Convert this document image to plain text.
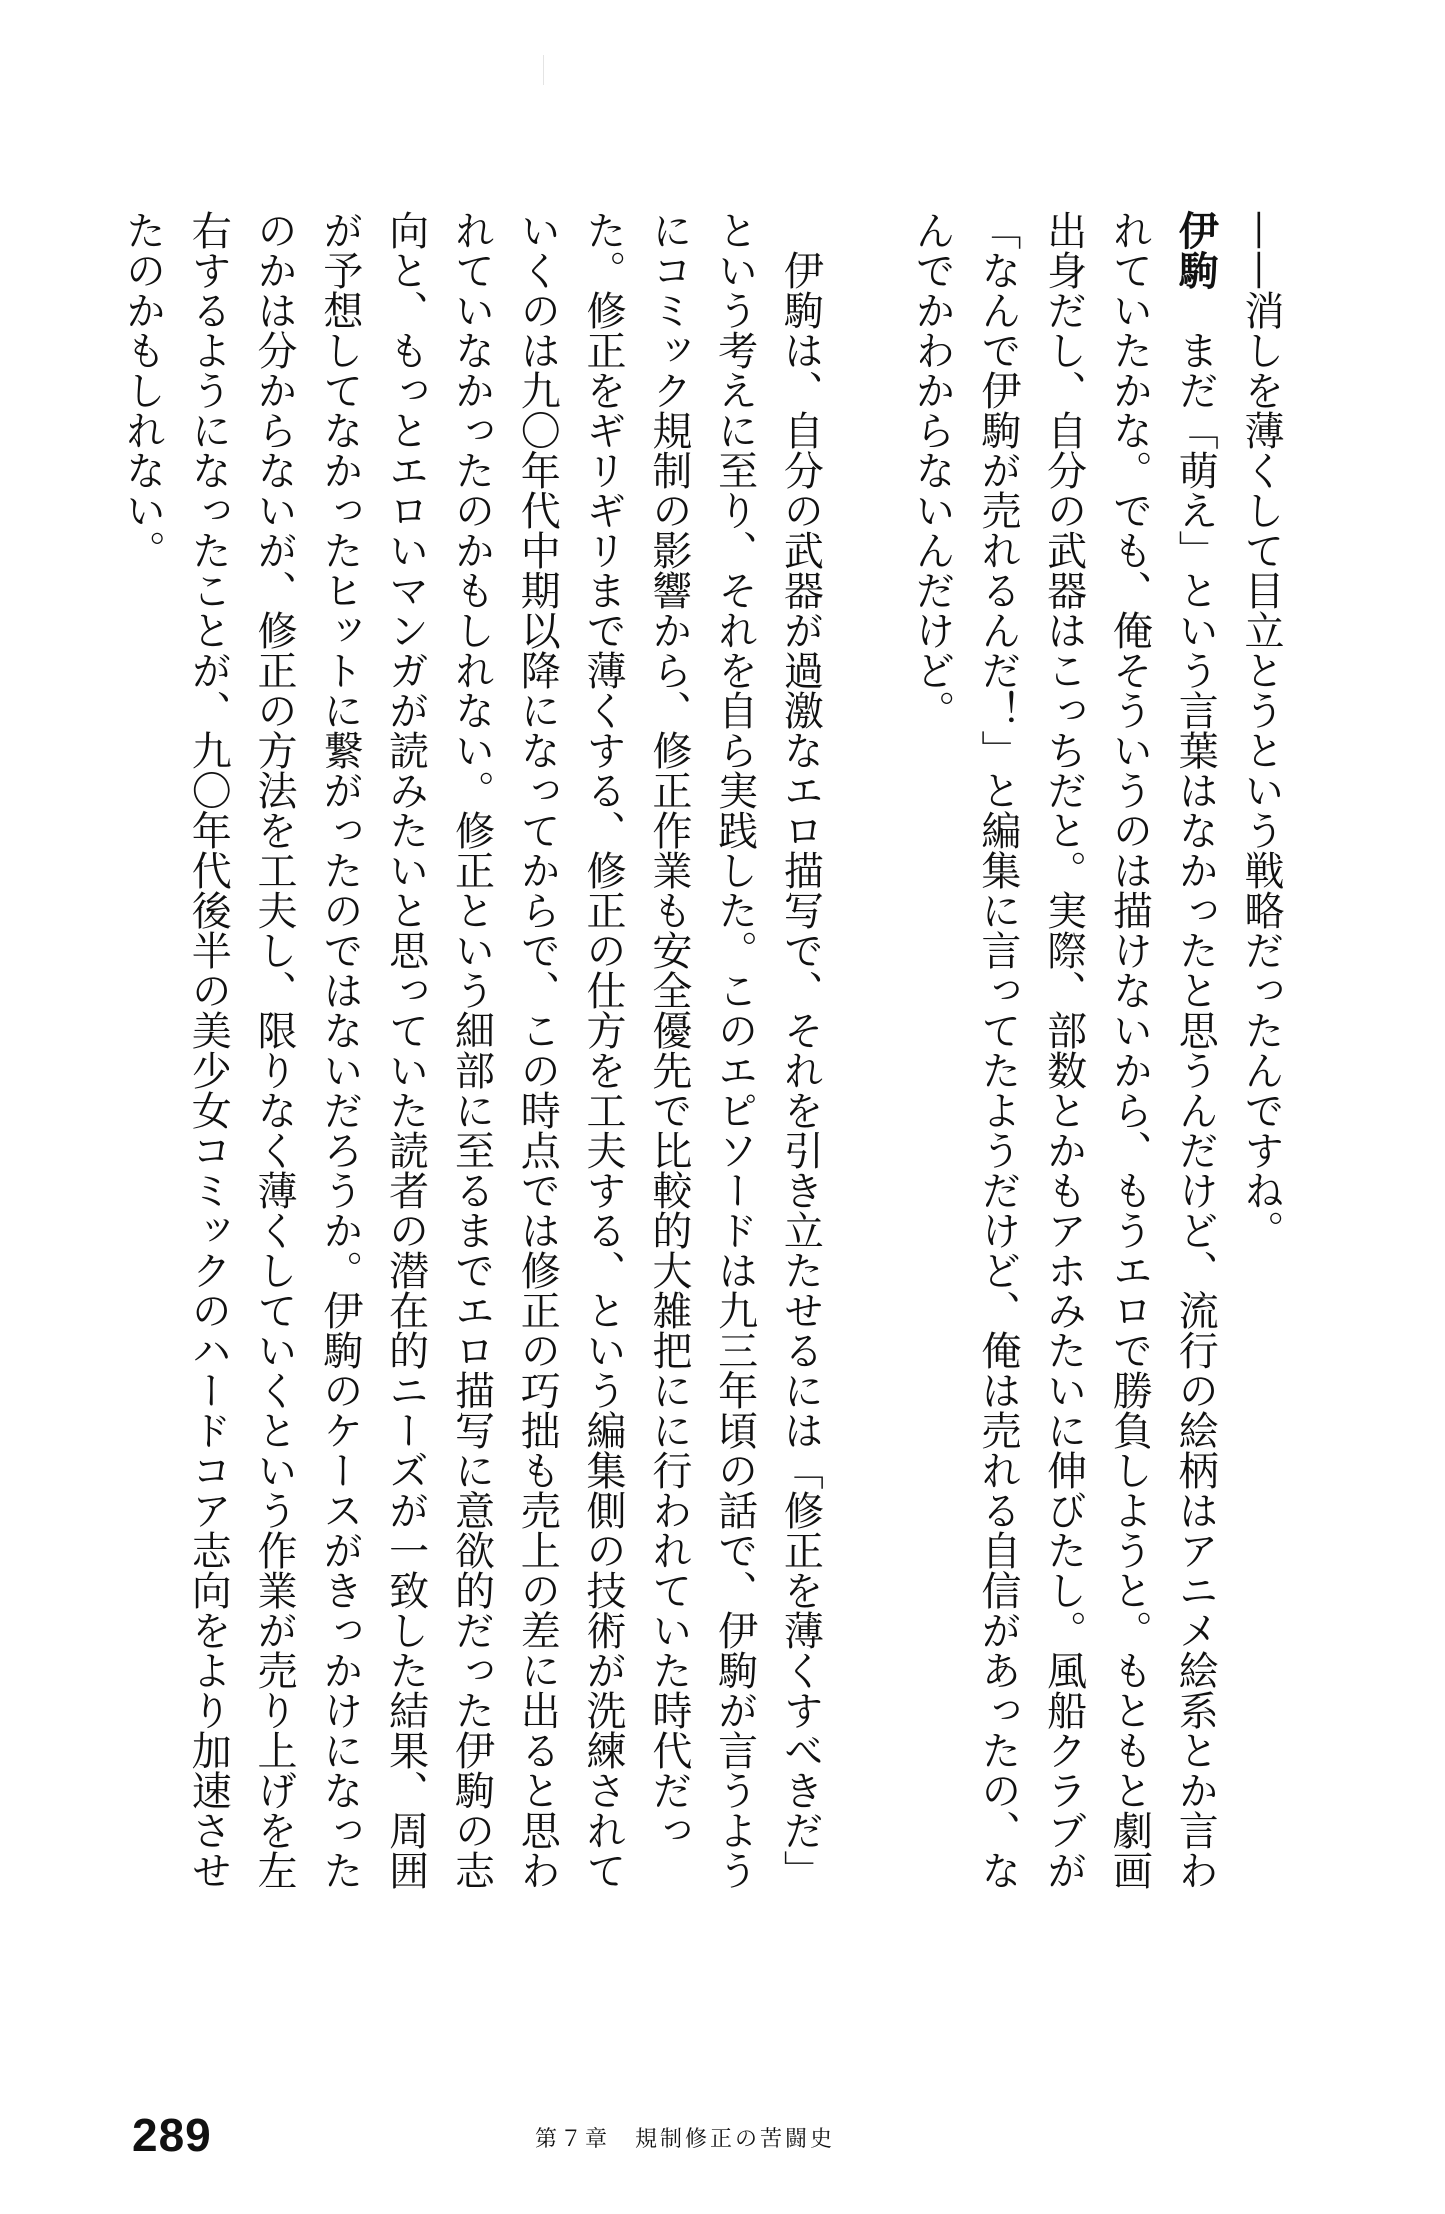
——消しを薄くして目立とうという戦略だったんですね。
伊駒　まだ「萌え」という言葉はなかったと思うんだけど、流行の絵柄はアニメ絵系とか言わ
れていたかな。でも、俺そういうのは描けないから、もうエロで勝負しようと。もともと劇画
出身だし、自分の武器はこっちだと。実際、部数とかもアホみたいに伸びたし。風船クラブが
「なんで伊駒が売れるんだ！」と編集に言ってたようだけど、俺は売れる自信があったの、な
んでかわからないんだけど。
　伊駒は、自分の武器が過激なエロ描写で、それを引き立たせるには「修正を薄くすべきだ」
という考えに至り、それを自ら実践した。このエピソードは九三年頃の話で、伊駒が言うよう
にコミック規制の影響から、修正作業も安全優先で比較的大雑把にに行われていた時代だっ
た。修正をギリギリまで薄くする、修正の仕方を工夫する、という編集側の技術が洗練されて
いくのは九〇年代中期以降になってからで、この時点では修正の巧拙も売上の差に出ると思わ
れていなかったのかもしれない。修正という細部に至るまでエロ描写に意欲的だった伊駒の志
向と、もっとエロいマンガが読みたいと思っていた読者の潜在的ニーズが一致した結果、周囲
が予想してなかったヒットに繋がったのではないだろうか。伊駒のケースがきっかけになった
のかは分からないが、修正の方法を工夫し、限りなく薄くしていくという作業が売り上げを左
右するようになったことが、九〇年代後半の美少女コミックのハードコア志向をより加速させ
たのかもしれない。
289	第７章　規制修正の苦闘史
